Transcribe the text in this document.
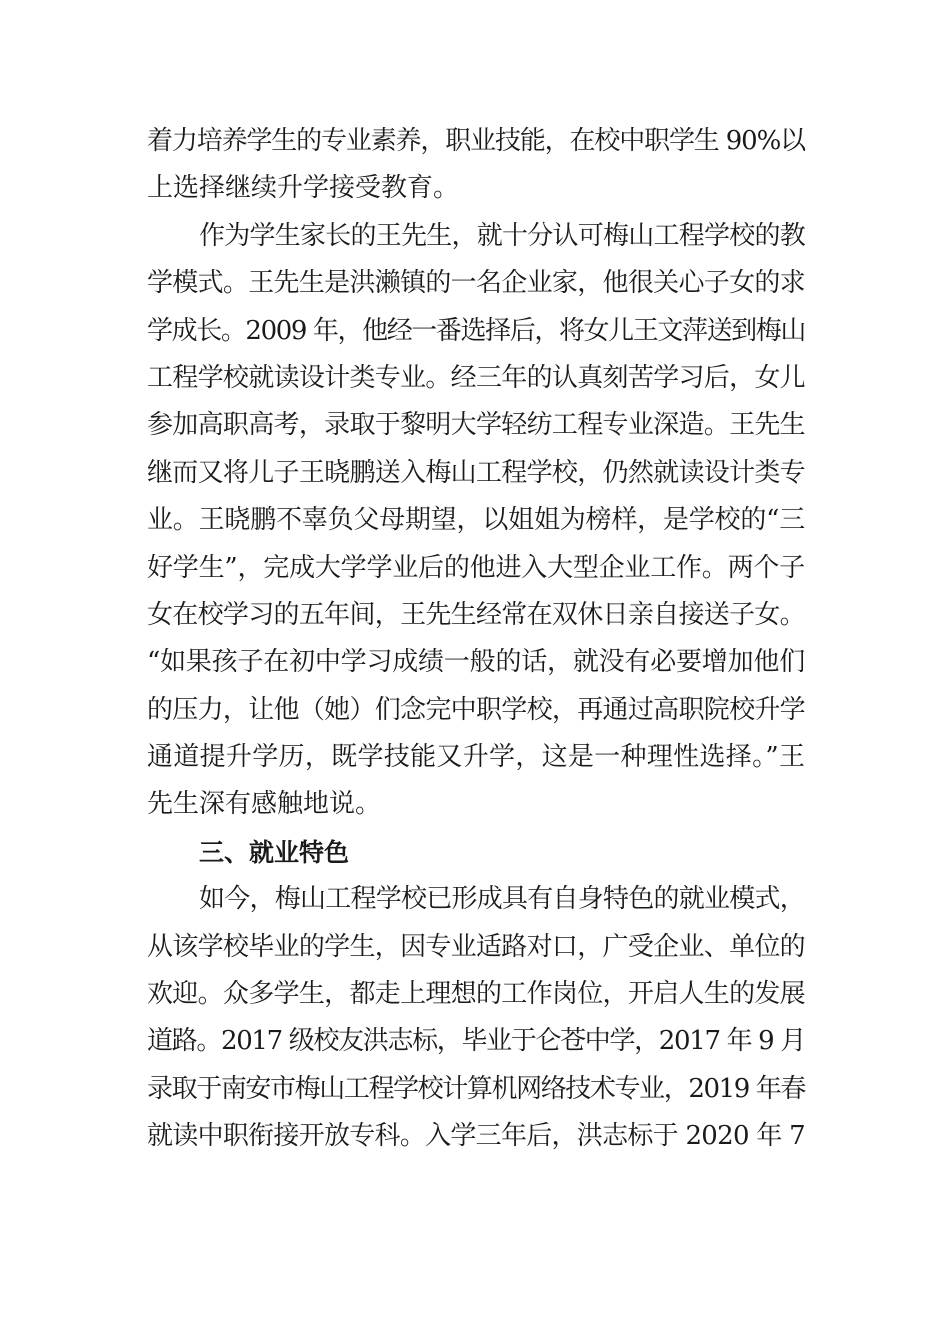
着力培养学生的专业素养，职业技能，在校中职学生 90%以
上选择继续升学接受教育。
作为学生家长的王先生，就十分认可梅山工程学校的教
学模式。王先生是洪濑镇的一名企业家，他很关心子女的求
学成长。2009 年，他经一番选择后，将女儿王文萍送到梅山
工程学校就读设计类专业。经三年的认真刻苦学习后，女儿
参加高职高考，录取于黎明大学轻纺工程专业深造。王先生
继而又将儿子王晓鹏送入梅山工程学校，仍然就读设计类专
业。王晓鹏不辜负父母期望，以姐姐为榜样，是学校的“三
好学生”，完成大学学业后的他进入大型企业工作。两个子
女在校学习的五年间，王先生经常在双休日亲自接送子女。
“如果孩子在初中学习成绩一般的话，就没有必要增加他们
的压力，让他（她）们念完中职学校，再通过高职院校升学
通道提升学历，既学技能又升学，这是一种理性选择。”王
先生深有感触地说。
三、就业特色
如今，梅山工程学校已形成具有自身特色的就业模式，
从该学校毕业的学生，因专业适路对口，广受企业、单位的
欢迎。众多学生，都走上理想的工作岗位，开启人生的发展
道路。2017 级校友洪志标，毕业于仑苍中学，2017 年 9 月
录取于南安市梅山工程学校计算机网络技术专业，2019 年春
就读中职衔接开放专科。入学三年后，洪志标于 2020 年 7
